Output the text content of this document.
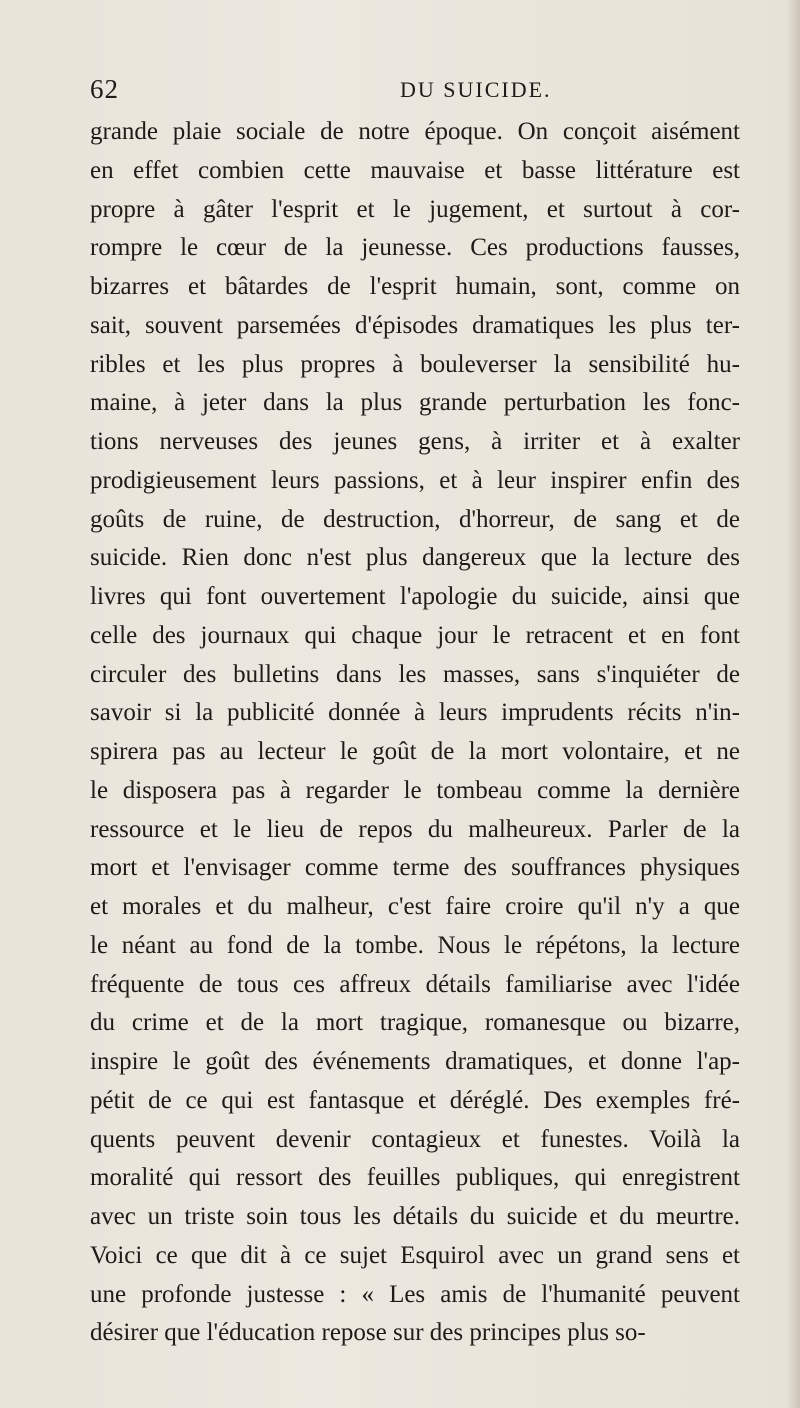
62	DU SUICIDE.
grande plaie sociale de notre époque. On conçoit aisément
en effet combien cette mauvaise et basse littérature est
propre à gâter l'esprit et le jugement, et surtout à cor-
rompre le cœur de la jeunesse. Ces productions fausses,
bizarres et bâtardes de l'esprit humain, sont, comme on
sait, souvent parsemées d'épisodes dramatiques les plus ter-
ribles et les plus propres à bouleverser la sensibilité hu-
maine, à jeter dans la plus grande perturbation les fonc-
tions nerveuses des jeunes gens, à irriter et à exalter
prodigieusement leurs passions, et à leur inspirer enfin des
goûts de ruine, de destruction, d'horreur, de sang et de
suicide. Rien donc n'est plus dangereux que la lecture des
livres qui font ouvertement l'apologie du suicide, ainsi que
celle des journaux qui chaque jour le retracent et en font
circuler des bulletins dans les masses, sans s'inquiéter de
savoir si la publicité donnée à leurs imprudents récits n'in-
spirera pas au lecteur le goût de la mort volontaire, et ne
le disposera pas à regarder le tombeau comme la dernière
ressource et le lieu de repos du malheureux. Parler de la
mort et l'envisager comme terme des souffrances physiques
et morales et du malheur, c'est faire croire qu'il n'y a que
le néant au fond de la tombe. Nous le répétons, la lecture
fréquente de tous ces affreux détails familiarise avec l'idée
du crime et de la mort tragique, romanesque ou bizarre,
inspire le goût des événements dramatiques, et donne l'ap-
pétit de ce qui est fantasque et déréglé. Des exemples fré-
quents peuvent devenir contagieux et funestes. Voilà la
moralité qui ressort des feuilles publiques, qui enregistrent
avec un triste soin tous les détails du suicide et du meurtre.
Voici ce que dit à ce sujet Esquirol avec un grand sens et
une profonde justesse : « Les amis de l'humanité peuvent
désirer que l'éducation repose sur des principes plus so-
